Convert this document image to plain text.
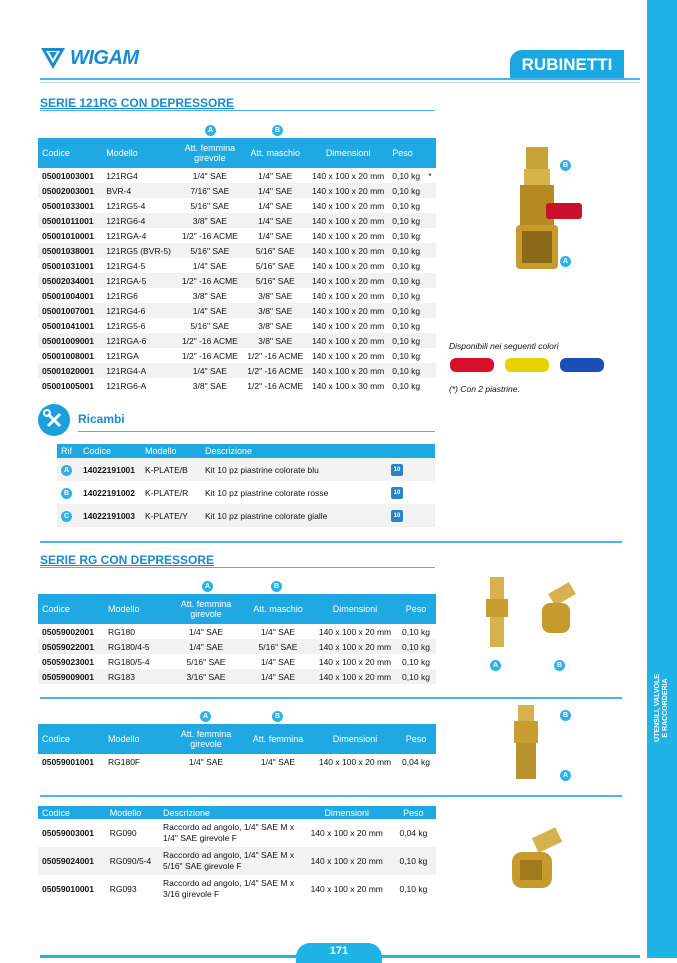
UTENSILI, VALVOLE E RACCORDERIA
WIGAM	RUBINETTI
SERIE 121RG CON DEPRESSORE
A	B
Codice	Modello	Att. femmina girevole	Att. maschio	Dimensioni	Peso	
05001003001	121RG4	1/4" SAE	1/4" SAE	140 x 100 x 20 mm	0,10 kg	*
05002003001	BVR-4	7/16" SAE	1/4" SAE	140 x 100 x 20 mm	0,10 kg	
05001033001	121RG5-4	5/16" SAE	1/4" SAE	140 x 100 x 20 mm	0,10 kg	
05001011001	121RG6-4	3/8" SAE	1/4" SAE	140 x 100 x 20 mm	0,10 kg	
05001010001	121RGA-4	1/2" -16 ACME	1/4" SAE	140 x 100 x 20 mm	0,10 kg	
05001038001	121RG5 (BVR-5)	5/16" SAE	5/16" SAE	140 x 100 x 20 mm	0,10 kg	
05001031001	121RG4-5	1/4" SAE	5/16" SAE	140 x 100 x 20 mm	0,10 kg	
05002034001	121RGA-5	1/2" -16 ACME	5/16" SAE	140 x 100 x 20 mm	0,10 kg	
05001004001	121RG6	3/8" SAE	3/8" SAE	140 x 100 x 20 mm	0,10 kg	
05001007001	121RG4-6	1/4" SAE	3/8" SAE	140 x 100 x 20 mm	0,10 kg	
05001041001	121RG5-6	5/16" SAE	3/8" SAE	140 x 100 x 20 mm	0,10 kg	
05001009001	121RGA-6	1/2" -16 ACME	3/8" SAE	140 x 100 x 20 mm	0,10 kg	
05001008001	121RGA	1/2" -16 ACME	1/2" -16 ACME	140 x 100 x 20 mm	0,10 kg	
05001020001	121RG4-A	1/4" SAE	1/2" -16 ACME	140 x 100 x 20 mm	0,10 kg	
05001005001	121RG6-A	3/8" SAE	1/2" -16 ACME	140 x 100 x 30 mm	0,10 kg	
B
A
Disponibili nei seguenti colori
(*) Con 2 piastrine.
Ricambi
Rif	Codice	Modello	Descrizione	
A	14022191001	K-PLATE/B	Kit 10 pz piastrine colorate blu	10
B	14022191002	K-PLATE/R	Kit 10 pz piastrine colorate rosse	10
C	14022191003	K-PLATE/Y	Kit 10 pz piastrine colorate gialle	10
SERIE RG CON DEPRESSORE
A	B
Codice	Modello	Att. femmina girevole	Att. maschio	Dimensioni	Peso
05059002001	RG180	1/4" SAE	1/4" SAE	140 x 100 x 20 mm	0,10 kg
05059022001	RG180/4-5	1/4" SAE	5/16" SAE	140 x 100 x 20 mm	0,10 kg
05059023001	RG180/5-4	5/16" SAE	1/4" SAE	140 x 100 x 20 mm	0,10 kg
05059009001	RG183	3/16" SAE	1/4" SAE	140 x 100 x 20 mm	0,10 kg
A	B
A	B
Codice	Modello	Att. femmina girevole	Att. femmina	Dimensioni	Peso
05059001001	RG180F	1/4" SAE	1/4" SAE	140 x 100 x 20 mm	0,04 kg
B
A
Codice	Modello	Descrizione	Dimensioni	Peso
05059003001	RG090	Raccordo ad angolo, 1/4" SAE M x
1/4" SAE girevole F	140 x 100 x 20 mm	0,04 kg
05059024001	RG090/5-4	Raccordo ad angolo, 1/4" SAE M x
5/16" SAE girevole F	140 x 100 x 20 mm	0,10 kg
05059010001	RG093	Raccordo ad angolo, 1/4" SAE M x
3/16 girevole F	140 x 100 x 20 mm	0,10 kg
171
